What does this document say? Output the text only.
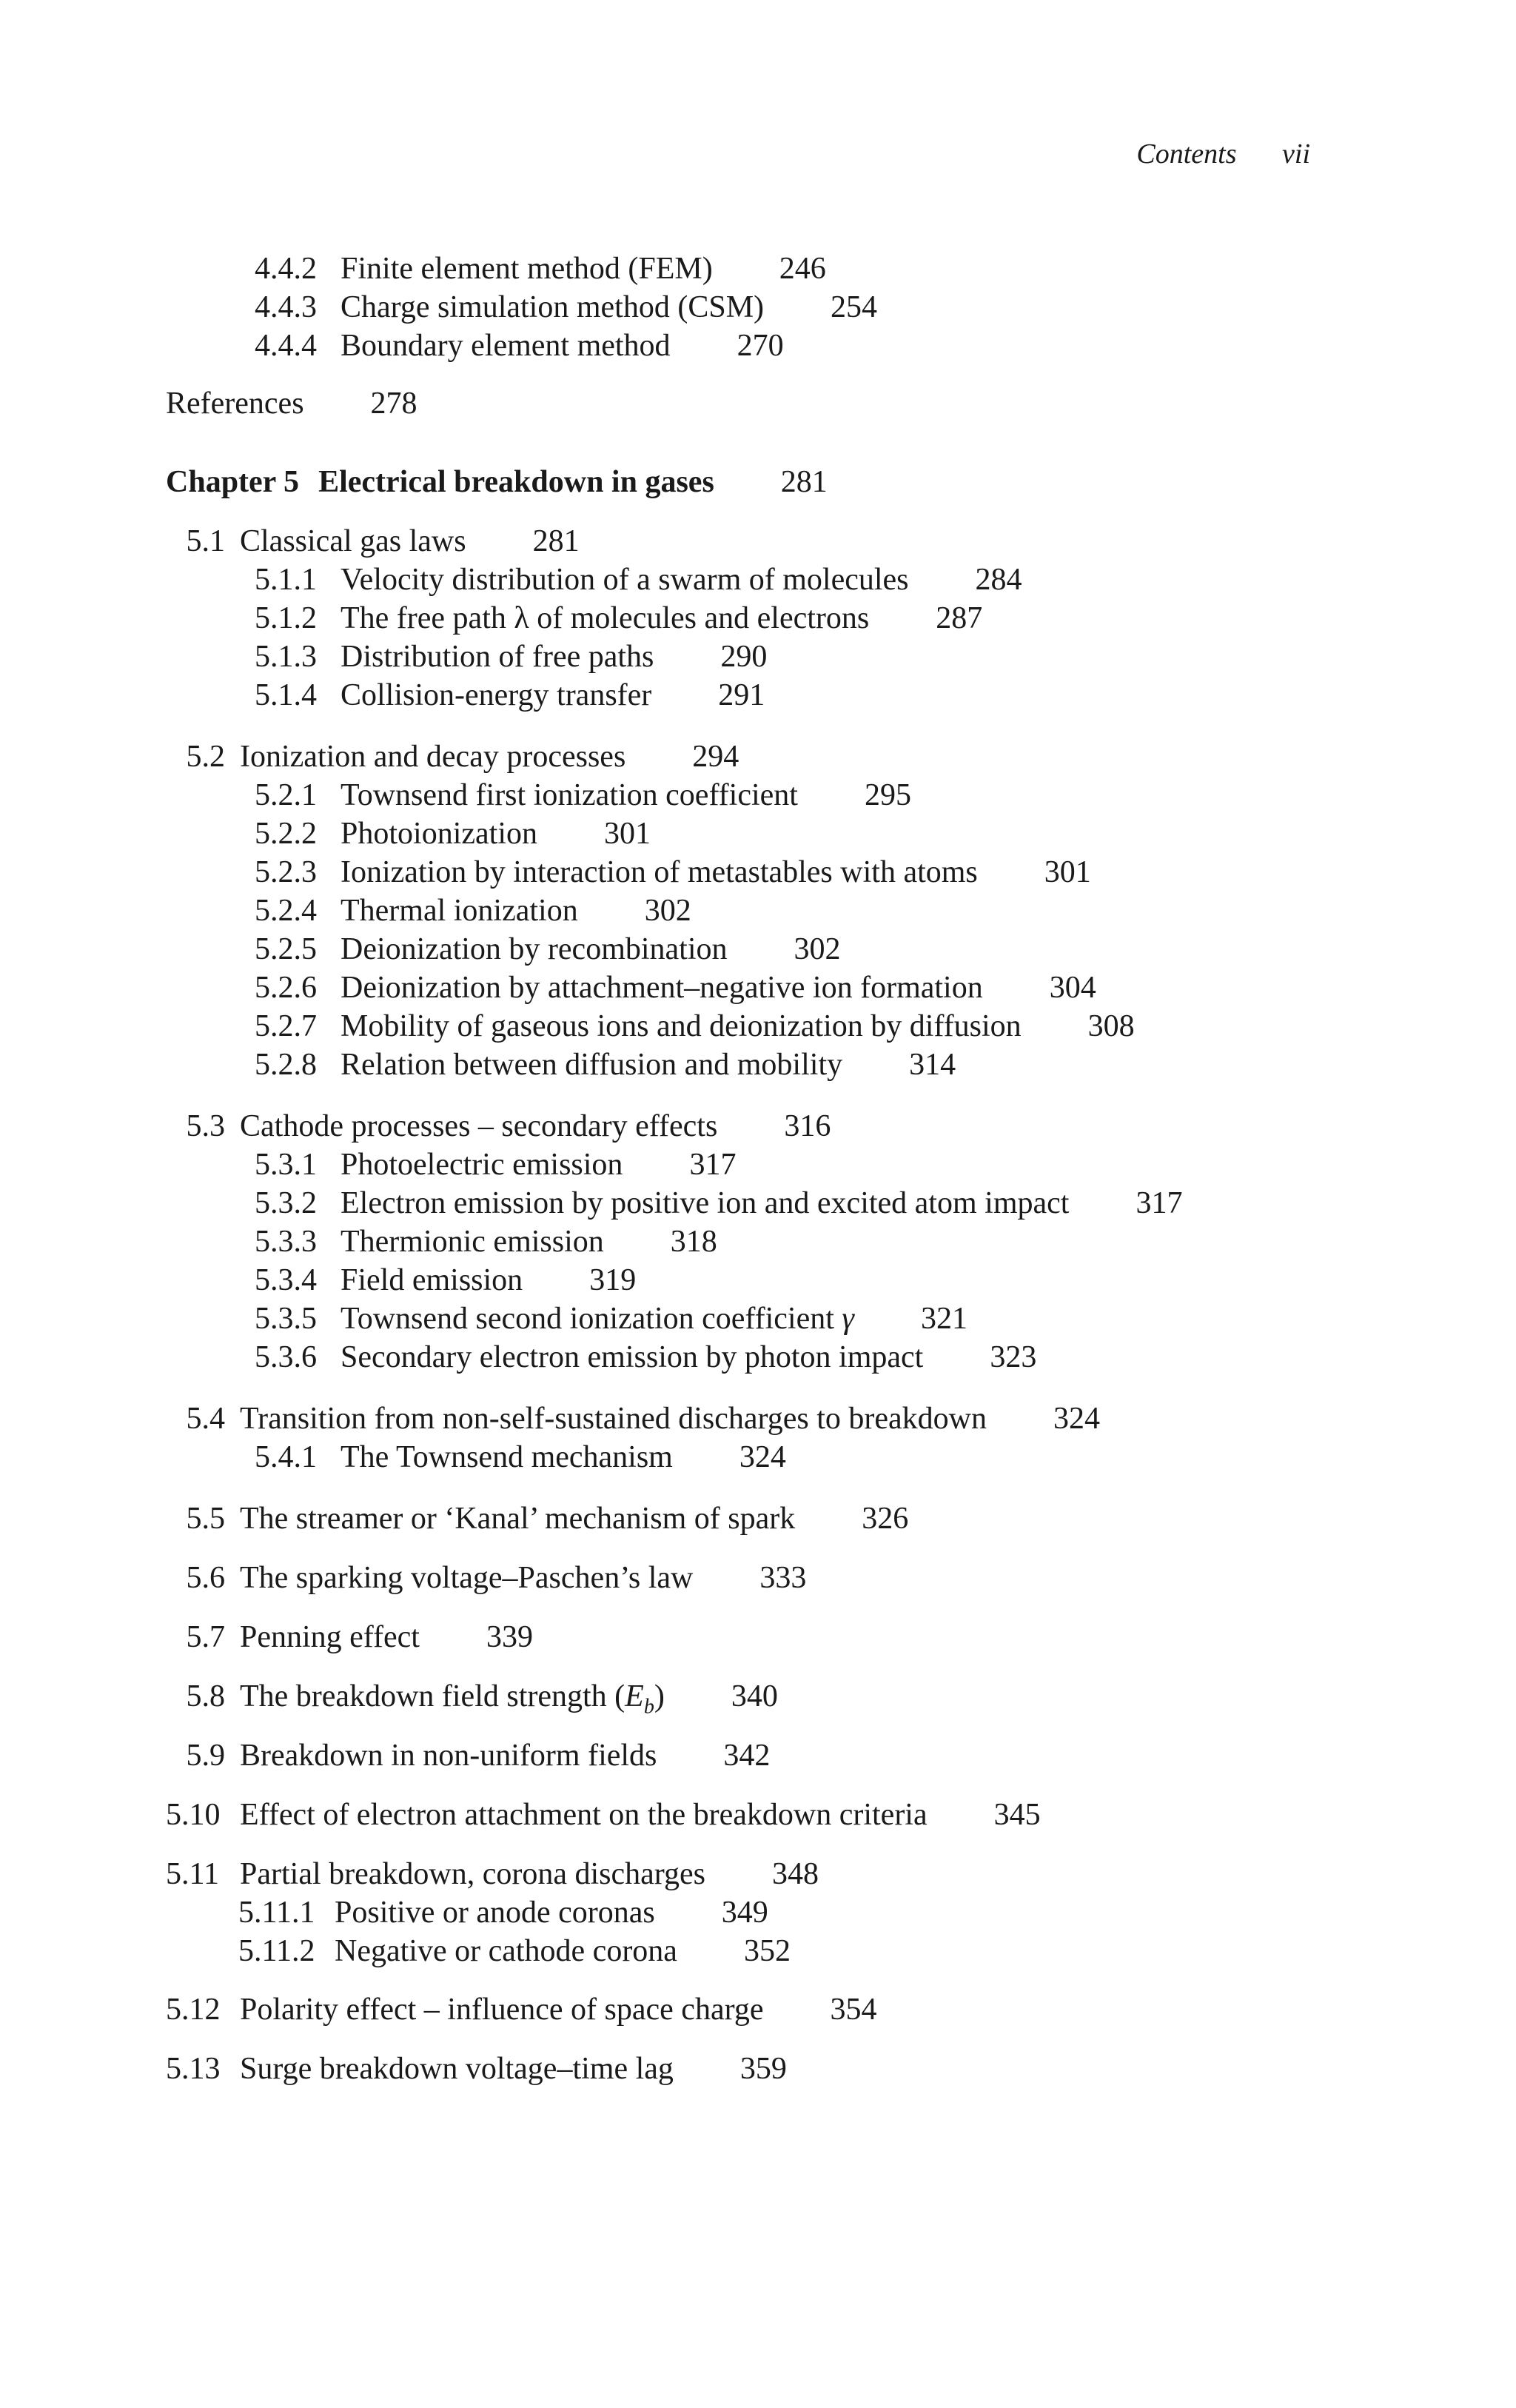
Contents vii
4.4.2 Finite element method (FEM) 246
4.4.3 Charge simulation method (CSM) 254
4.4.4 Boundary element method 270
References 278
Chapter 5 Electrical breakdown in gases 281
5.1 Classical gas laws 281
5.1.1 Velocity distribution of a swarm of molecules 284
5.1.2 The free path λ of molecules and electrons 287
5.1.3 Distribution of free paths 290
5.1.4 Collision-energy transfer 291
5.2 Ionization and decay processes 294
5.2.1 Townsend first ionization coefficient 295
5.2.2 Photoionization 301
5.2.3 Ionization by interaction of metastables with atoms 301
5.2.4 Thermal ionization 302
5.2.5 Deionization by recombination 302
5.2.6 Deionization by attachment–negative ion formation 304
5.2.7 Mobility of gaseous ions and deionization by diffusion 308
5.2.8 Relation between diffusion and mobility 314
5.3 Cathode processes – secondary effects 316
5.3.1 Photoelectric emission 317
5.3.2 Electron emission by positive ion and excited atom impact 317
5.3.3 Thermionic emission 318
5.3.4 Field emission 319
5.3.5 Townsend second ionization coefficient γ 321
5.3.6 Secondary electron emission by photon impact 323
5.4 Transition from non-self-sustained discharges to breakdown 324
5.4.1 The Townsend mechanism 324
5.5 The streamer or ‘Kanal’ mechanism of spark 326
5.6 The sparking voltage–Paschen’s law 333
5.7 Penning effect 339
5.8 The breakdown field strength $(E_b)$ 340
5.9 Breakdown in non-uniform fields 342
5.10 Effect of electron attachment on the breakdown criteria 345
5.11 Partial breakdown, corona discharges 348
5.11.1 Positive or anode coronas 349
5.11.2 Negative or cathode corona 352
5.12 Polarity effect – influence of space charge 354
5.13 Surge breakdown voltage–time lag 359
